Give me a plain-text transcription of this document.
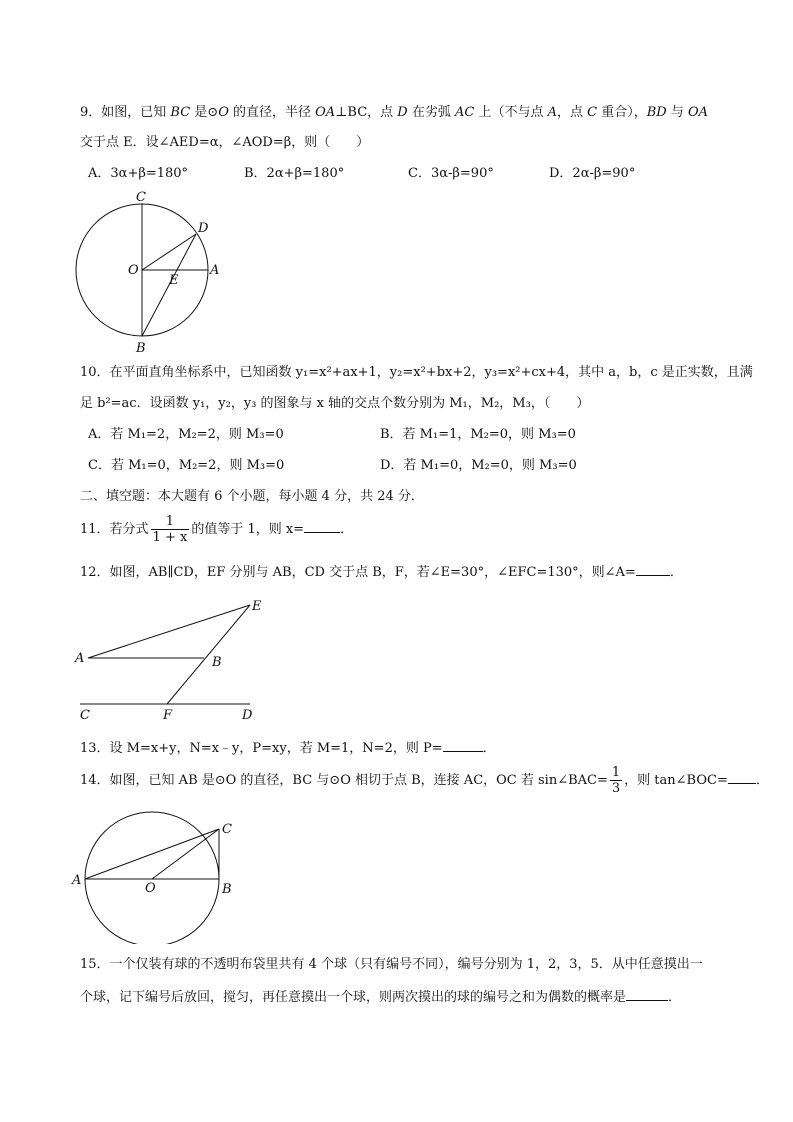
9．如图，已知 BC 是⊙O 的直径，半径 OA⊥BC，点 D 在劣弧 AC 上（不与点 A，点 C 重合），BD 与 OA
交于点 E．设∠AED=α，∠AOD=β，则（　　）
A．3α+β=180°	B．2α+β=180°	C．3α-β=90°	D．2α-β=90°
C
D
O
E
A
B
10．在平面直角坐标系中，已知函数 y₁=x²+ax+1，y₂=x²+bx+2，y₃=x²+cx+4，其中 a，b，c 是正实数，且满
足 b²=ac．设函数 y₁，y₂，y₃ 的图象与 x 轴的交点个数分别为 M₁，M₂，M₃，（　　）
A．若 M₁=2，M₂=2，则 M₃=0	B．若 M₁=1，M₂=0，则 M₃=0
C．若 M₁=0，M₂=2，则 M₃=0	D．若 M₁=0，M₂=0，则 M₃=0
二、填空题：本大题有 6 个小题，每小题 4 分，共 24 分．
11．若分式 $\frac{1}{1 + x}$ 的值等于 1，则 x=	．
12．如图，AB∥CD，EF 分别与 AB，CD 交于点 B，F，若∠E=30°，∠EFC=130°，则∠A=	．
E
A	B
C	F	D
13．设 M=x+y，N=x﹣y，P=xy，若 M=1，N=2，则 P=	．
14．如图，已知 AB 是⊙O 的直径，BC 与⊙O 相切于点 B，连接 AC，OC 若 sin∠BAC= $\frac{1}{3}$ ，则 tan∠BOC= ．
C
A
O	B
15．一个仅装有球的不透明布袋里共有 4 个球（只有编号不同），编号分别为 1，2，3，5．从中任意摸出一
个球，记下编号后放回，搅匀，再任意摸出一个球，则两次摸出的球的编号之和为偶数的概率是	．
